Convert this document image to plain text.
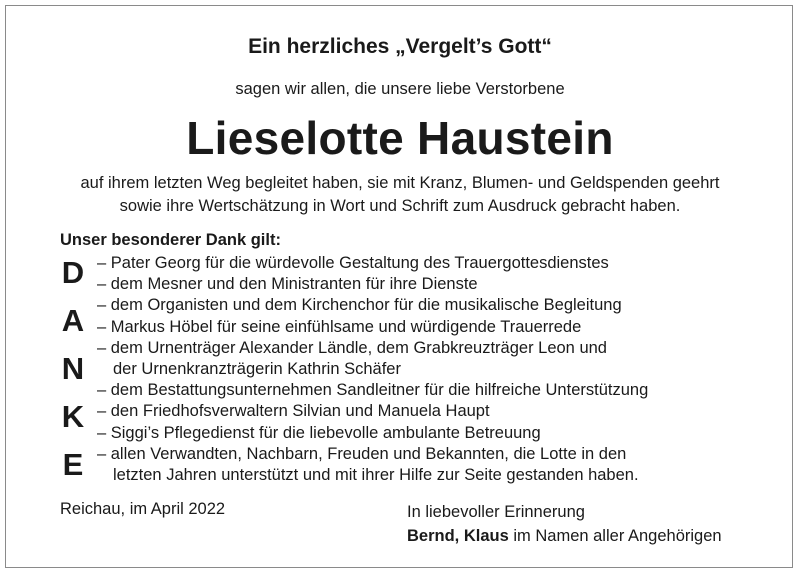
Ein herzliches „Vergelt’s Gott“
sagen wir allen, die unsere liebe Verstorbene
Lieselotte Haustein
auf ihrem letzten Weg begleitet haben, sie mit Kranz, Blumen- und Geldspenden geehrt
sowie ihre Wertschätzung in Wort und Schrift zum Ausdruck gebracht haben.
Unser besonderer Dank gilt:
D
A
N
K
E
– Pater Georg für die würdevolle Gestaltung des Trauergottesdienstes
– dem Mesner und den Ministranten für ihre Dienste
– dem Organisten und dem Kirchenchor für die musikalische Begleitung
– Markus Höbel für seine einfühlsame und würdigende Trauerrede
– dem Urnenträger Alexander Ländle, dem Grabkreuzträger Leon und
der Urnenkranzträgerin Kathrin Schäfer
– dem Bestattungsunternehmen Sandleitner für die hilfreiche Unterstützung
– den Friedhofsverwaltern Silvian und Manuela Haupt
– Siggi’s Pflegedienst für die liebevolle ambulante Betreuung
– allen Verwandten, Nachbarn, Freuden und Bekannten, die Lotte in den
letzten Jahren unterstützt und mit ihrer Hilfe zur Seite gestanden haben.
Reichau, im April 2022	In liebevoller Erinnerung
Bernd, Klaus im Namen aller Angehörigen
